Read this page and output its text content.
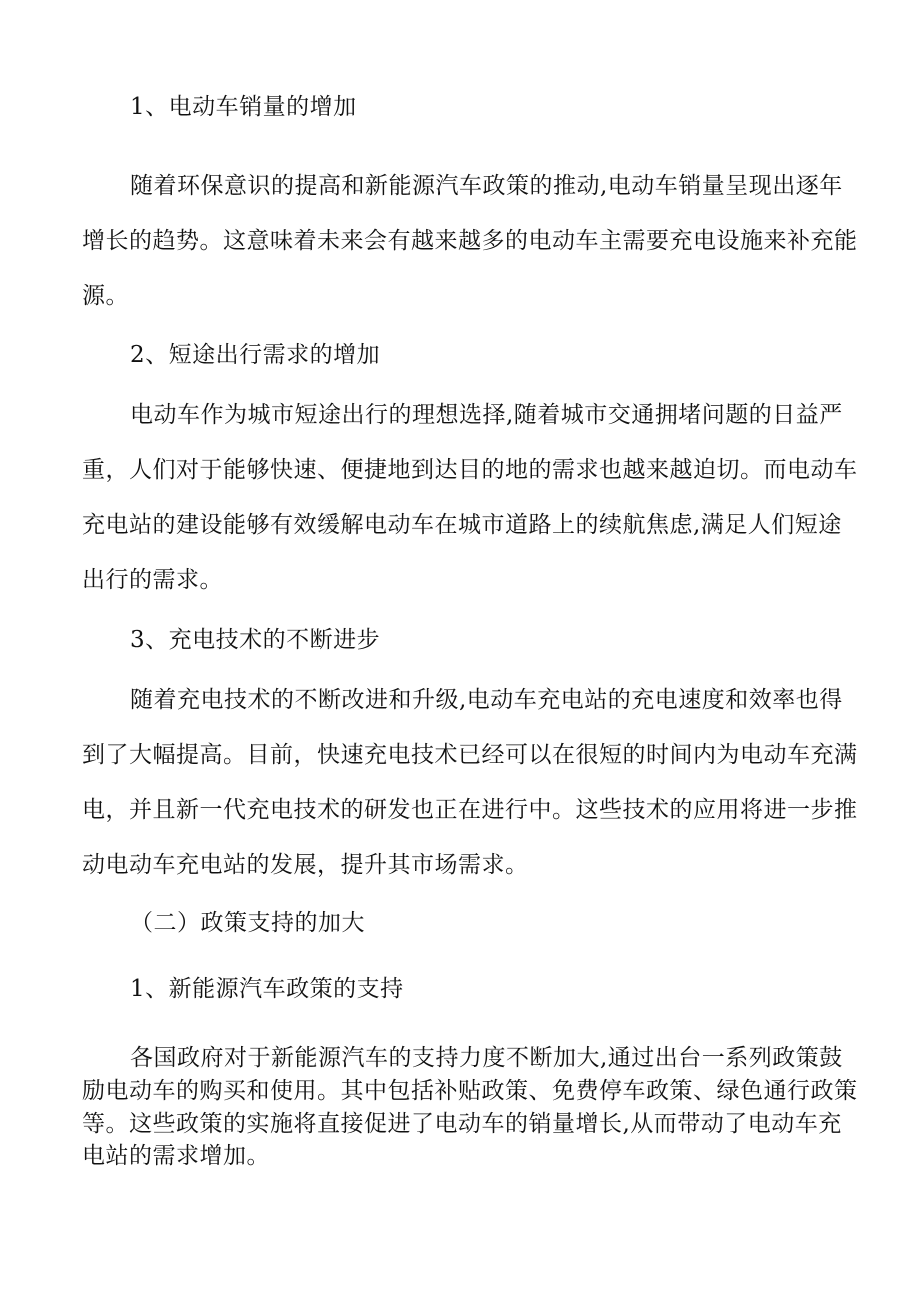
1、电动车销量的增加
随着环保意识的提高和新能源汽车政策的推动,电动车销量呈现出逐年
增长的趋势。这意味着未来会有越来越多的电动车主需要充电设施来补充能
源。
2、短途出行需求的增加
电动车作为城市短途出行的理想选择,随着城市交通拥堵问题的日益严
重，人们对于能够快速、便捷地到达目的地的需求也越来越迫切。而电动车
充电站的建设能够有效缓解电动车在城市道路上的续航焦虑,满足人们短途
出行的需求。
3、充电技术的不断进步
随着充电技术的不断改进和升级,电动车充电站的充电速度和效率也得
到了大幅提高。目前，快速充电技术已经可以在很短的时间内为电动车充满
电，并且新一代充电技术的研发也正在进行中。这些技术的应用将进一步推
动电动车充电站的发展，提升其市场需求。
（二）政策支持的加大
1、新能源汽车政策的支持
各国政府对于新能源汽车的支持力度不断加大,通过出台一系列政策鼓
励电动车的购买和使用。其中包括补贴政策、免费停车政策、绿色通行政策
等。这些政策的实施将直接促进了电动车的销量增长,从而带动了电动车充
电站的需求增加。
